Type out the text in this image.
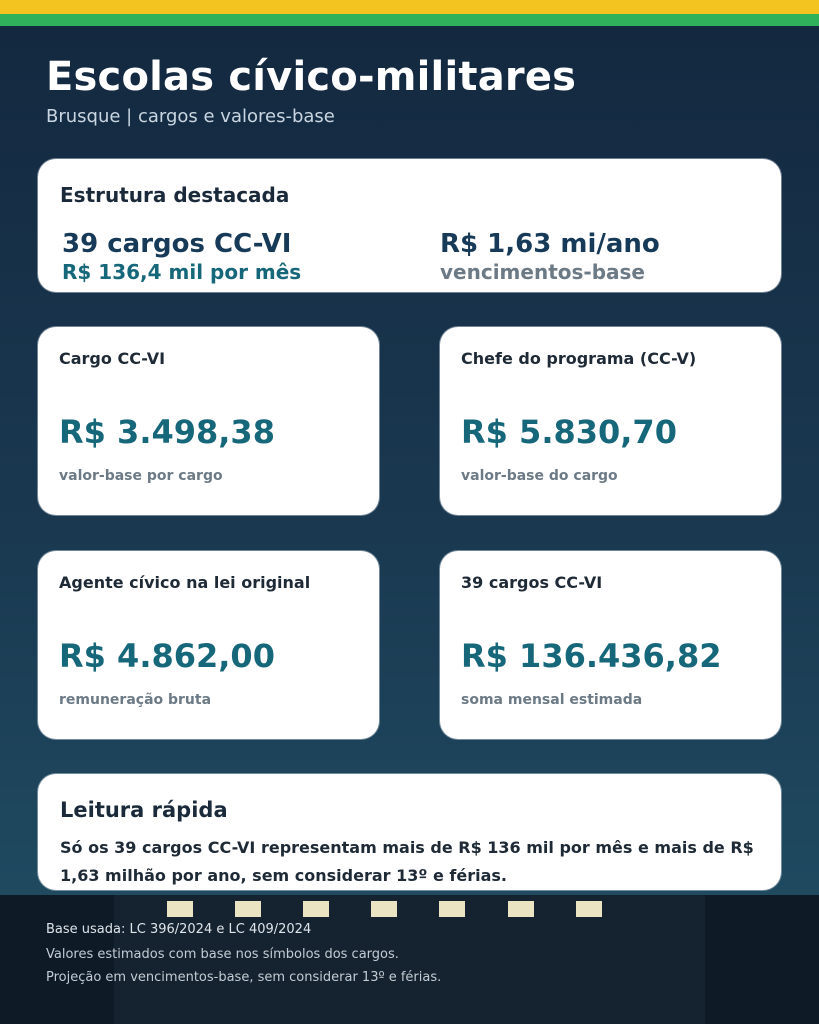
Escolas cívico-militares

Brusque | cargos e valores-base

Estrutura destacada
39 cargos CC-VI
R$ 136,4 mil por mês
R$ 1,63 mi/ano
vencimentos-base
Cargo CC-VI
R$ 3.498,38
valor-base por cargo
Chefe do programa (CC-V)
R$ 5.830,70
valor-base do cargo
Agente cívico na lei original
R$ 4.862,00
remuneração bruta
39 cargos CC-VI
R$ 136.436,82
soma mensal estimada
Leitura rápida
Só os 39 cargos CC-VI representam mais de R$ 136 mil por mês e mais de R$ 1,63 milhão por ano, sem considerar 13º e férias.
Base usada: LC 396/2024 e LC 409/2024
Valores estimados com base nos símbolos dos cargos.
Projeção em vencimentos-base, sem considerar 13º e férias.
